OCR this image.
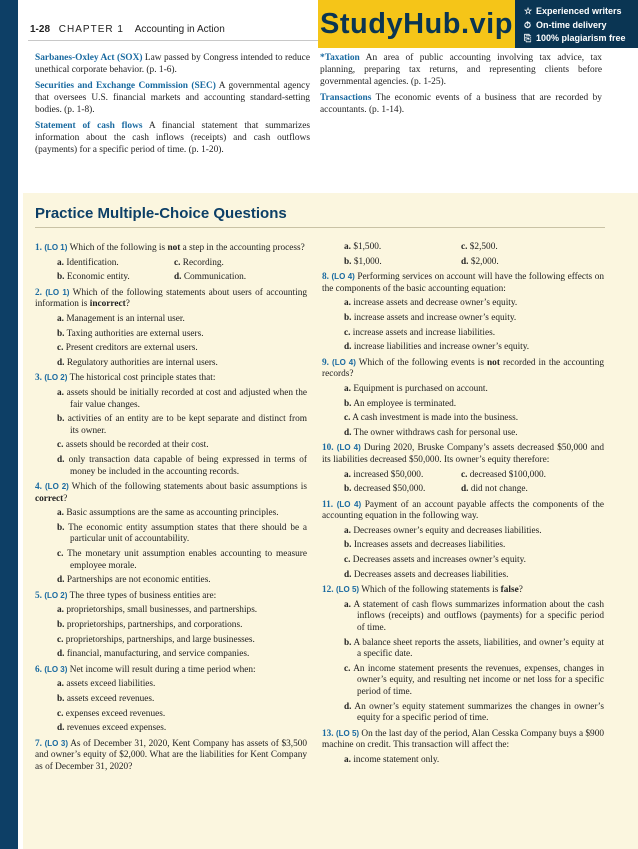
1-28 CHAPTER 1 Accounting in Action	StudyHub.vip ☆ Experienced writers
⏱ On-time delivery
⎘ 100% plagiarism free

Sarbanes-Oxley Act (SOX) Law passed by Congress intended to reduce unethical corporate behavior. (p. 1-6).

Securities and Exchange Commission (SEC) A governmental agency that oversees U.S. financial markets and accounting standard-setting bodies. (p. 1-8).

Statement of cash flows A financial statement that summarizes information about the cash inflows (receipts) and cash outflows (payments) for a specific period of time. (p. 1-20).

*Taxation An area of public accounting involving tax advice, tax planning, preparing tax returns, and representing clients before governmental agencies. (p. 1-25).

Transactions The economic events of a business that are recorded by accountants. (p. 1-14).

Practice Multiple-Choice Questions

1. (LO 1) Which of the following is not a step in the accounting process?

a. Identification.	c. Recording.
b. Economic entity.	d. Communication.

2. (LO 1) Which of the following statements about users of accounting information is incorrect?

a. Management is an internal user.

b. Taxing authorities are external users.

c. Present creditors are external users.

d. Regulatory authorities are internal users.

3. (LO 2) The historical cost principle states that:

a. assets should be initially recorded at cost and adjusted when the fair value changes.

b. activities of an entity are to be kept separate and distinct from its owner.

c. assets should be recorded at their cost.

d. only transaction data capable of being expressed in terms of money be included in the accounting records.

4. (LO 2) Which of the following statements about basic assumptions is correct?

a. Basic assumptions are the same as accounting principles.

b. The economic entity assumption states that there should be a particular unit of accountability.

c. The monetary unit assumption enables accounting to measure employee morale.

d. Partnerships are not economic entities.

5. (LO 2) The three types of business entities are:

a. proprietorships, small businesses, and partnerships.

b. proprietorships, partnerships, and corporations.

c. proprietorships, partnerships, and large businesses.

d. financial, manufacturing, and service companies.

6. (LO 3) Net income will result during a time period when:

a. assets exceed liabilities.

b. assets exceed revenues.

c. expenses exceed revenues.

d. revenues exceed expenses.

7. (LO 3) As of December 31, 2020, Kent Company has assets of $3,500 and owner’s equity of $2,000. What are the liabilities for Kent Company as of December 31, 2020?

a. $1,500.	c. $2,500.
b. $1,000.	d. $2,000.

8. (LO 4) Performing services on account will have the following effects on the components of the basic accounting equation:

a. increase assets and decrease owner’s equity.

b. increase assets and increase owner’s equity.

c. increase assets and increase liabilities.

d. increase liabilities and increase owner’s equity.

9. (LO 4) Which of the following events is not recorded in the accounting records?

a. Equipment is purchased on account.

b. An employee is terminated.

c. A cash investment is made into the business.

d. The owner withdraws cash for personal use.

10. (LO 4) During 2020, Bruske Company’s assets decreased $50,000 and its liabilities decreased $50,000. Its owner’s equity therefore:

a. increased $50,000.	c. decreased $100,000.
b. decreased $50,000.	d. did not change.

11. (LO 4) Payment of an account payable affects the components of the accounting equation in the following way.

a. Decreases owner’s equity and decreases liabilities.

b. Increases assets and decreases liabilities.

c. Decreases assets and increases owner’s equity.

d. Decreases assets and decreases liabilities.

12. (LO 5) Which of the following statements is false?

a. A statement of cash flows summarizes information about the cash inflows (receipts) and outflows (payments) for a specific period of time.

b. A balance sheet reports the assets, liabilities, and owner’s equity at a specific date.

c. An income statement presents the revenues, expenses, changes in owner’s equity, and resulting net income or net loss for a specific period of time.

d. An owner’s equity statement summarizes the changes in owner’s equity for a specific period of time.

13. (LO 5) On the last day of the period, Alan Cesska Company buys a $900 machine on credit. This transaction will affect the:

a. income statement only.
